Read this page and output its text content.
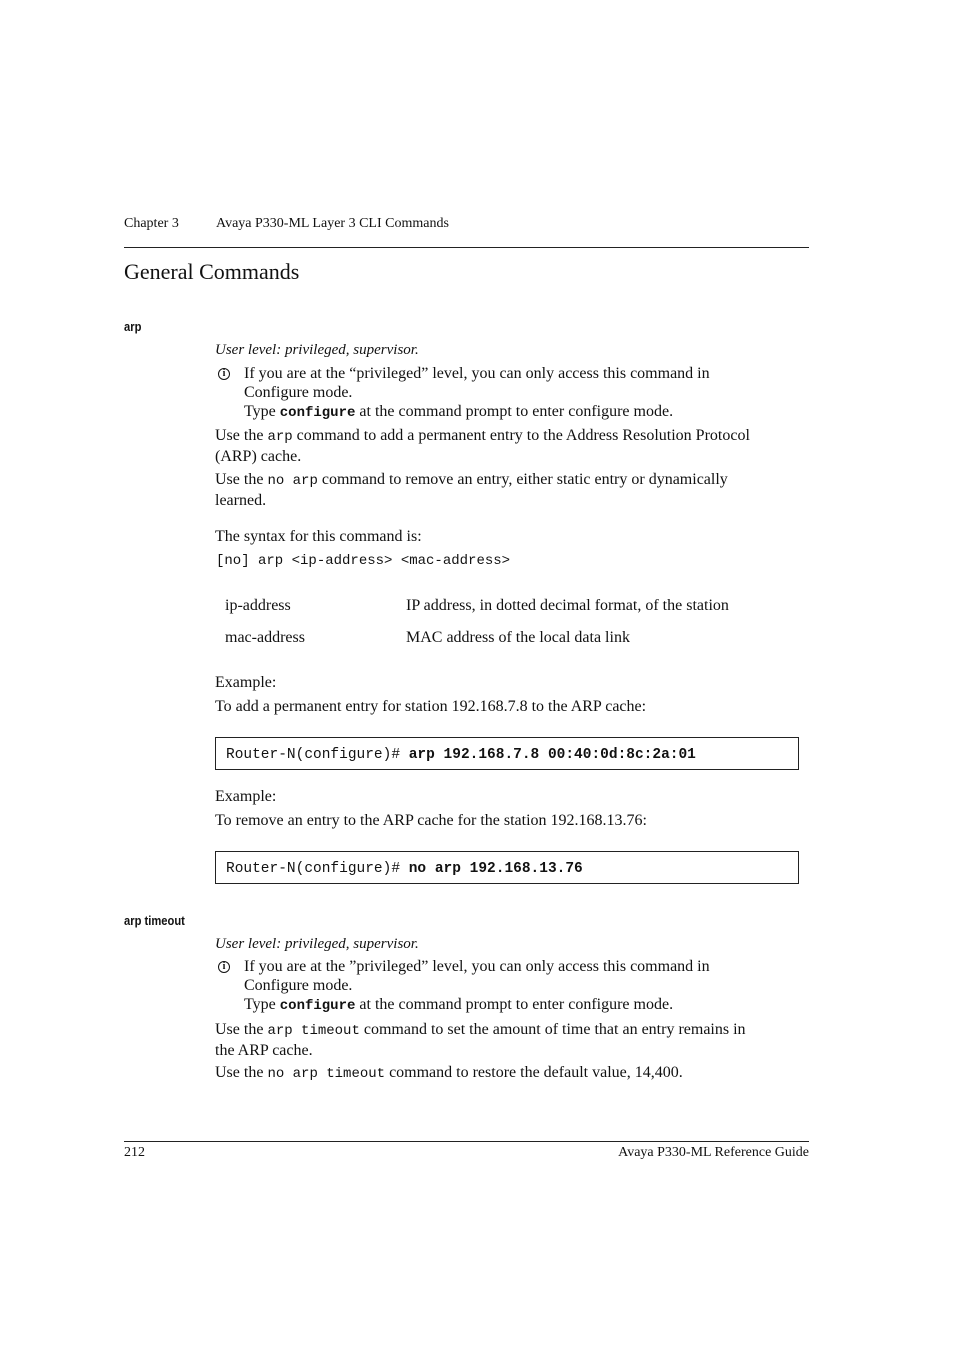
Chapter 3	Avaya P330-ML Layer 3 CLI Commands
General Commands
arp
User level: privileged, supervisor.
i If you are at the “privileged” level, you can only access this command in
Configure mode.
Type configure at the command prompt to enter configure mode.
Use the arp command to add a permanent entry to the Address Resolution Protocol
(ARP) cache.
Use the no arp command to remove an entry, either static entry or dynamically
learned.
The syntax for this command is:
[no] arp <ip-address> <mac-address>
ip-address	IP address, in dotted decimal format, of the station
mac-address	MAC address of the local data link
Example:
To add a permanent entry for station 192.168.7.8 to the ARP cache:
Router-N(configure)# arp 192.168.7.8 00:40:0d:8c:2a:01
Example:
To remove an entry to the ARP cache for the station 192.168.13.76:
Router-N(configure)# no arp 192.168.13.76
arp timeout
User level: privileged, supervisor.
i If you are at the ”privileged” level, you can only access this command in
Configure mode.
Type configure at the command prompt to enter configure mode.
Use the arp timeout command to set the amount of time that an entry remains in
the ARP cache.
Use the no arp timeout command to restore the default value, 14,400.
212	Avaya P330-ML Reference Guide
